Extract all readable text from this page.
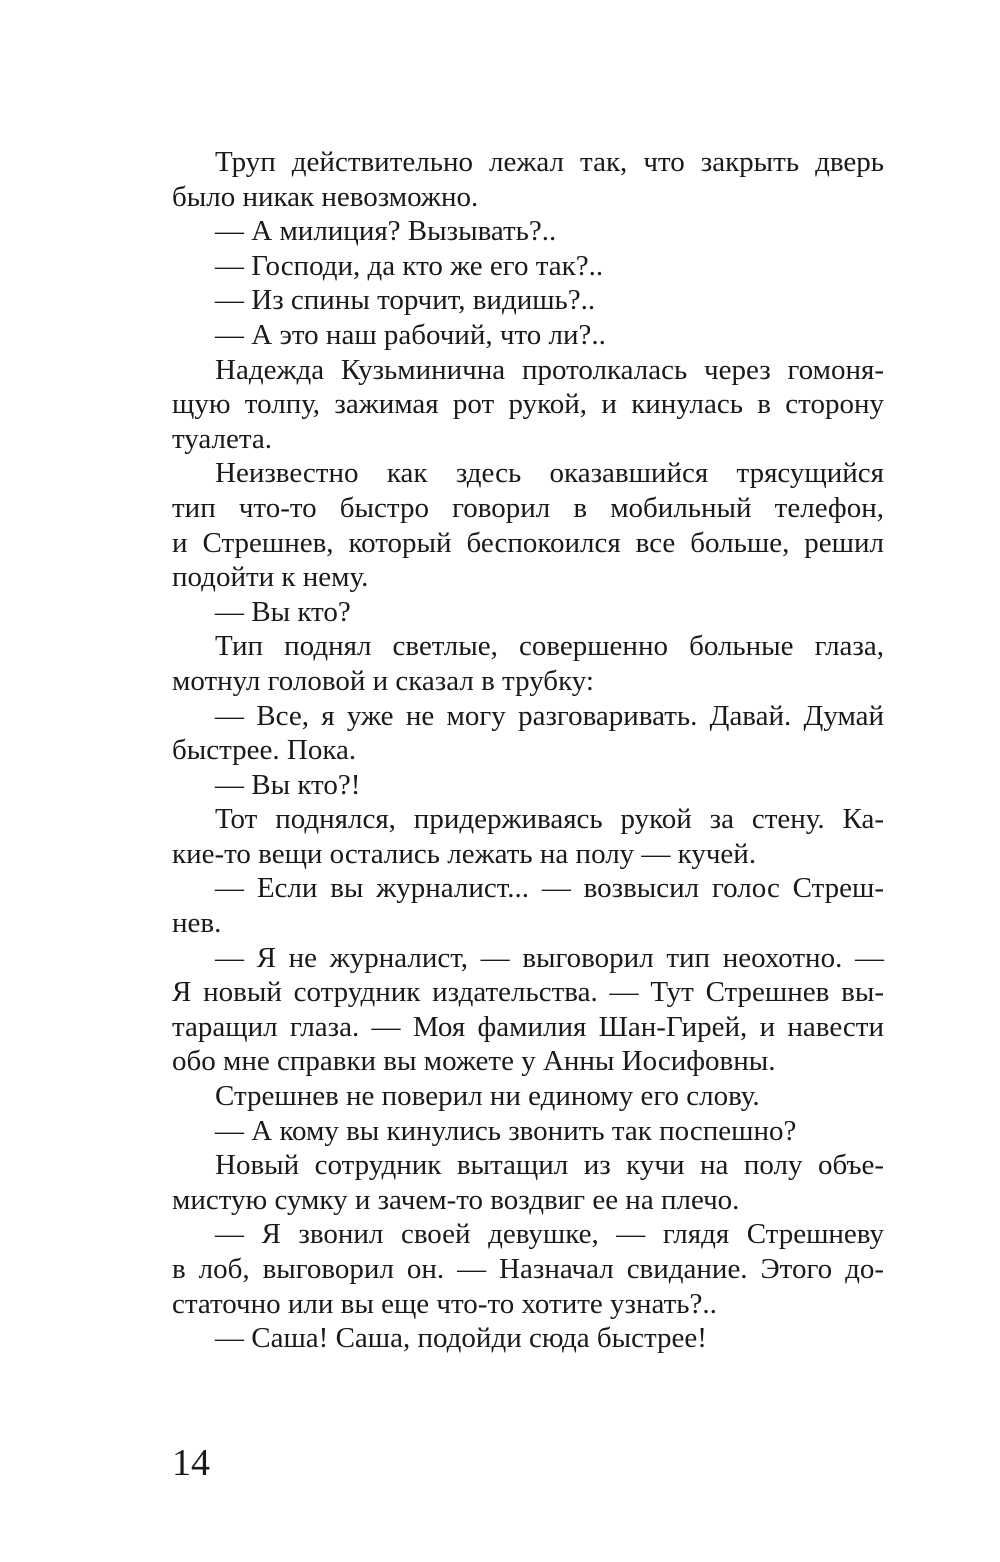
Труп действительно лежал так, что закрыть дверь
было никак невозможно.
— А милиция? Вызывать?..
— Господи, да кто же его так?..
— Из спины торчит, видишь?..
— А это наш рабочий, что ли?..
Надежда Кузьминична протолкалась через гомоня-
щую толпу, зажимая рот рукой, и кинулась в сторону
туалета.
Неизвестно как здесь оказавшийся трясущийся
тип что-то быстро говорил в мобильный телефон,
и Стрешнев, который беспокоился все больше, решил
подойти к нему.
— Вы кто?
Тип поднял светлые, совершенно больные глаза,
мотнул головой и сказал в трубку:
— Все, я уже не могу разговаривать. Давай. Думай
быстрее. Пока.
— Вы кто?!
Тот поднялся, придерживаясь рукой за стену. Ка-
кие-то вещи остались лежать на полу — кучей.
— Если вы журналист... — возвысил голос Стреш-
нев.
— Я не журналист, — выговорил тип неохотно. —
Я новый сотрудник издательства. — Тут Стрешнев вы-
таращил глаза. — Моя фамилия Шан-Гирей, и навести
обо мне справки вы можете у Анны Иосифовны.
Стрешнев не поверил ни единому его слову.
— А кому вы кинулись звонить так поспешно?
Новый сотрудник вытащил из кучи на полу объе-
мистую сумку и зачем-то воздвиг ее на плечо.
— Я звонил своей девушке, — глядя Стрешневу
в лоб, выговорил он. — Назначал свидание. Этого до-
статочно или вы еще что-то хотите узнать?..
— Саша! Саша, подойди сюда быстрее!
14
